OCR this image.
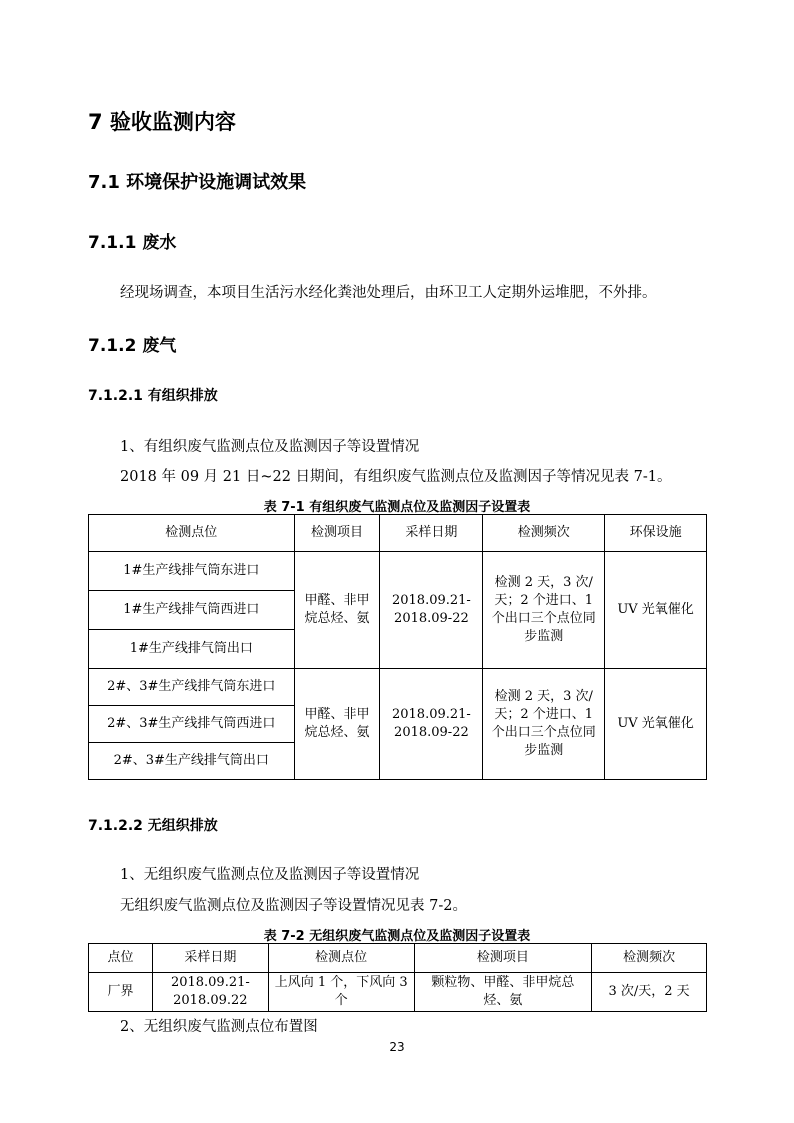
7 验收监测内容
7.1 环境保护设施调试效果
7.1.1 废水
经现场调查，本项目生活污水经化粪池处理后，由环卫工人定期外运堆肥，不外排。
7.1.2 废气
7.1.2.1 有组织排放
1、有组织废气监测点位及监测因子等设置情况
2018 年 09 月 21 日~22 日期间，有组织废气监测点位及监测因子等情况见表 7-1。
表 7-1 有组织废气监测点位及监测因子设置表
检测点位	检测项目	采样日期	检测频次	环保设施
1#生产线排气筒东进口	甲醛、非甲烷总烃、氨	2018.09.21-2018.09-22	检测 2 天，3 次/天；2 个进口、1 个出口三个点位同步监测	UV 光氧催化
1#生产线排气筒西进口				
1#生产线排气筒出口				
2#、3#生产线排气筒东进口	甲醛、非甲烷总烃、氨	2018.09.21-2018.09-22	检测 2 天，3 次/天；2 个进口、1 个出口三个点位同步监测	UV 光氧催化
2#、3#生产线排气筒西进口				
2#、3#生产线排气筒出口				
7.1.2.2 无组织排放
1、无组织废气监测点位及监测因子等设置情况
无组织废气监测点位及监测因子等设置情况见表 7-2。
表 7-2 无组织废气监测点位及监测因子设置表
点位	采样日期	检测点位	检测项目	检测频次
厂界	2018.09.21-2018.09.22	上风向 1 个，下风向 3 个	颗粒物、甲醛、非甲烷总烃、氨	3 次/天，2 天
2、无组织废气监测点位布置图
23
